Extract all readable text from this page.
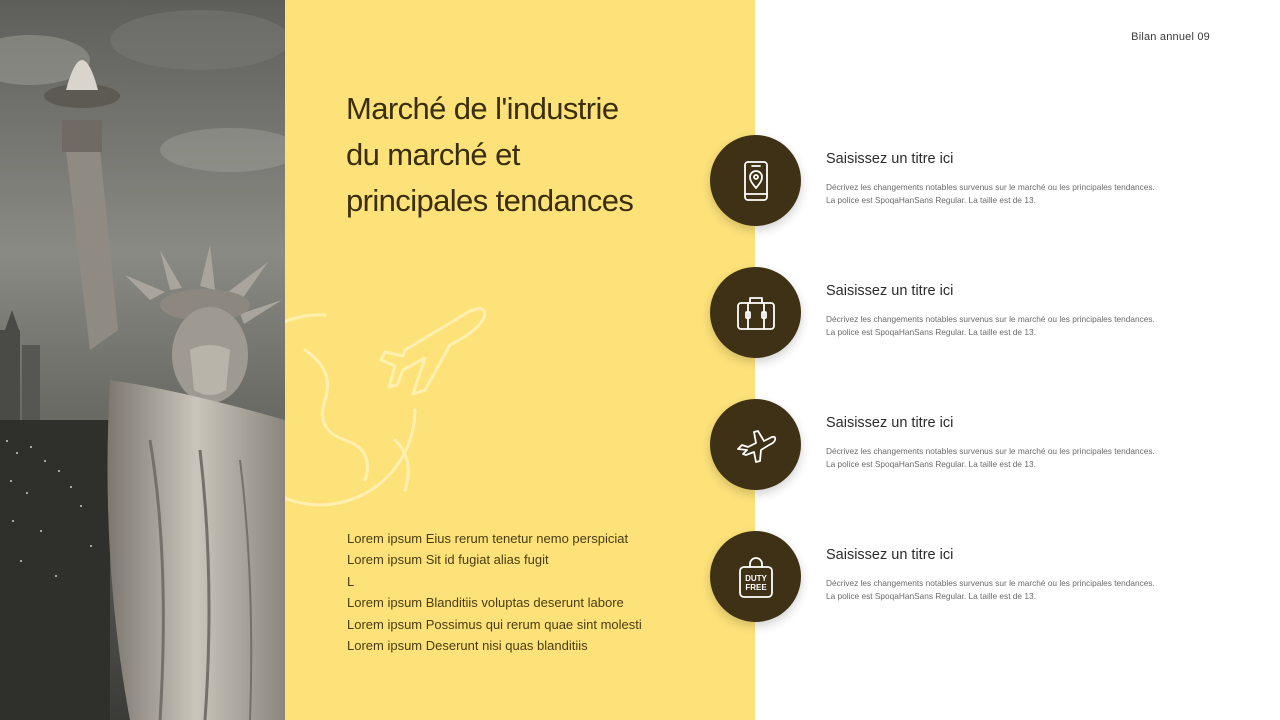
Marché de l'industrie
du marché et
principales tendances
Lorem ipsum Eius rerum tenetur nemo perspiciat
Lorem ipsum Sit id fugiat alias fugit
L
Lorem ipsum Blanditiis voluptas deserunt labore
Lorem ipsum Possimus qui rerum quae sint molesti
Lorem ipsum Deserunt nisi quas blanditiis
Bilan annuel 09
Saisissez un titre ici
Décrivez les changements notables survenus sur le marché ou les principales tendances.
La police est SpoqaHanSans Regular. La taille est de 13.
Saisissez un titre ici
Décrivez les changements notables survenus sur le marché ou les principales tendances.
La police est SpoqaHanSans Regular. La taille est de 13.
Saisissez un titre ici
Décrivez les changements notables survenus sur le marché ou les principales tendances.
La police est SpoqaHanSans Regular. La taille est de 13.
DUTY
FREE
Saisissez un titre ici
Décrivez les changements notables survenus sur le marché ou les principales tendances.
La police est SpoqaHanSans Regular. La taille est de 13.
